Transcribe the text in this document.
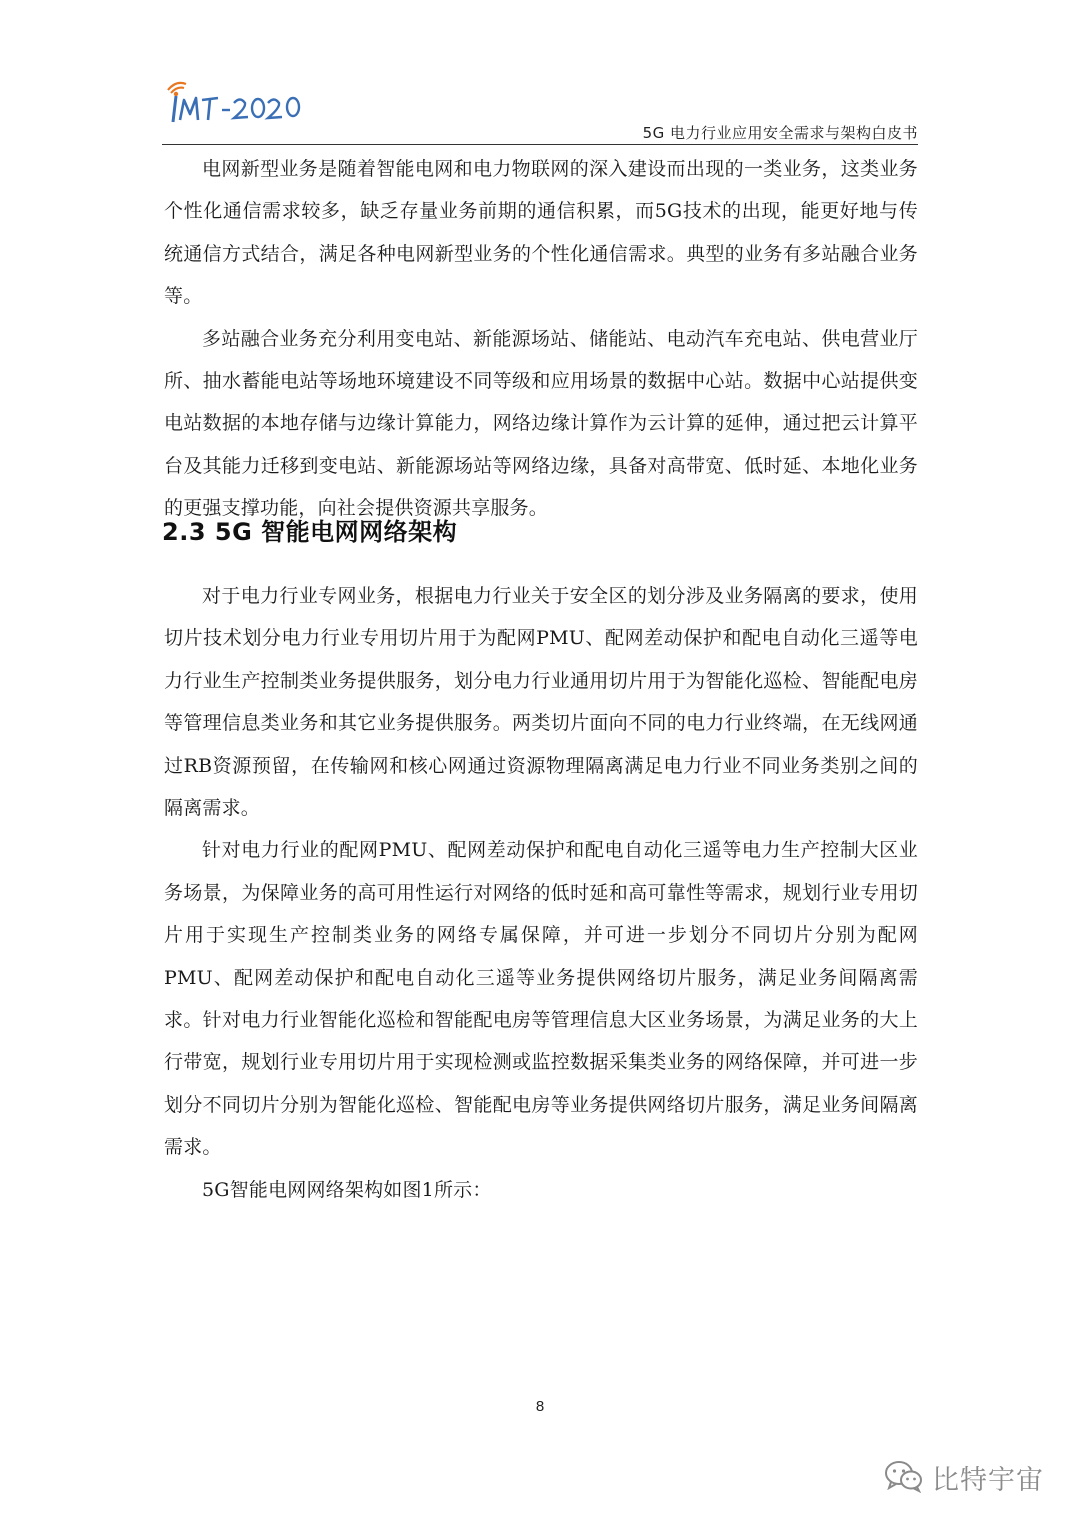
5G 电力行业应用安全需求与架构白皮书

电网新型业务是随着智能电网和电力物联网的深入建设而出现的一类业务，这类业务个性化通信需求较多，缺乏存量业务前期的通信积累，而5G技术的出现，能更好地与传统通信方式结合，满足各种电网新型业务的个性化通信需求。典型的业务有多站融合业务等。

多站融合业务充分利用变电站、新能源场站、储能站、电动汽车充电站、供电营业厅所、抽水蓄能电站等场地环境建设不同等级和应用场景的数据中心站。数据中心站提供变电站数据的本地存储与边缘计算能力，网络边缘计算作为云计算的延伸，通过把云计算平台及其能力迁移到变电站、新能源场站等网络边缘，具备对高带宽、低时延、本地化业务的更强支撑功能，向社会提供资源共享服务。

2.3 5G 智能电网网络架构

对于电力行业专网业务，根据电力行业关于安全区的划分涉及业务隔离的要求，使用切片技术划分电力行业专用切片用于为配网PMU、配网差动保护和配电自动化三遥等电力行业生产控制类业务提供服务，划分电力行业通用切片用于为智能化巡检、智能配电房等管理信息类业务和其它业务提供服务。两类切片面向不同的电力行业终端，在无线网通过RB资源预留，在传输网和核心网通过资源物理隔离满足电力行业不同业务类别之间的隔离需求。

针对电力行业的配网PMU、配网差动保护和配电自动化三遥等电力生产控制大区业务场景，为保障业务的高可用性运行对网络的低时延和高可靠性等需求，规划行业专用切片用于实现生产控制类业务的网络专属保障，并可进一步划分不同切片分别为配网PMU、配网差动保护和配电自动化三遥等业务提供网络切片服务，满足业务间隔离需求。针对电力行业智能化巡检和智能配电房等管理信息大区业务场景，为满足业务的大上行带宽，规划行业专用切片用于实现检测或监控数据采集类业务的网络保障，并可进一步划分不同切片分别为智能化巡检、智能配电房等业务提供网络切片服务，满足业务间隔离需求。

5G智能电网网络架构如图1所示：

8
比特宇宙
